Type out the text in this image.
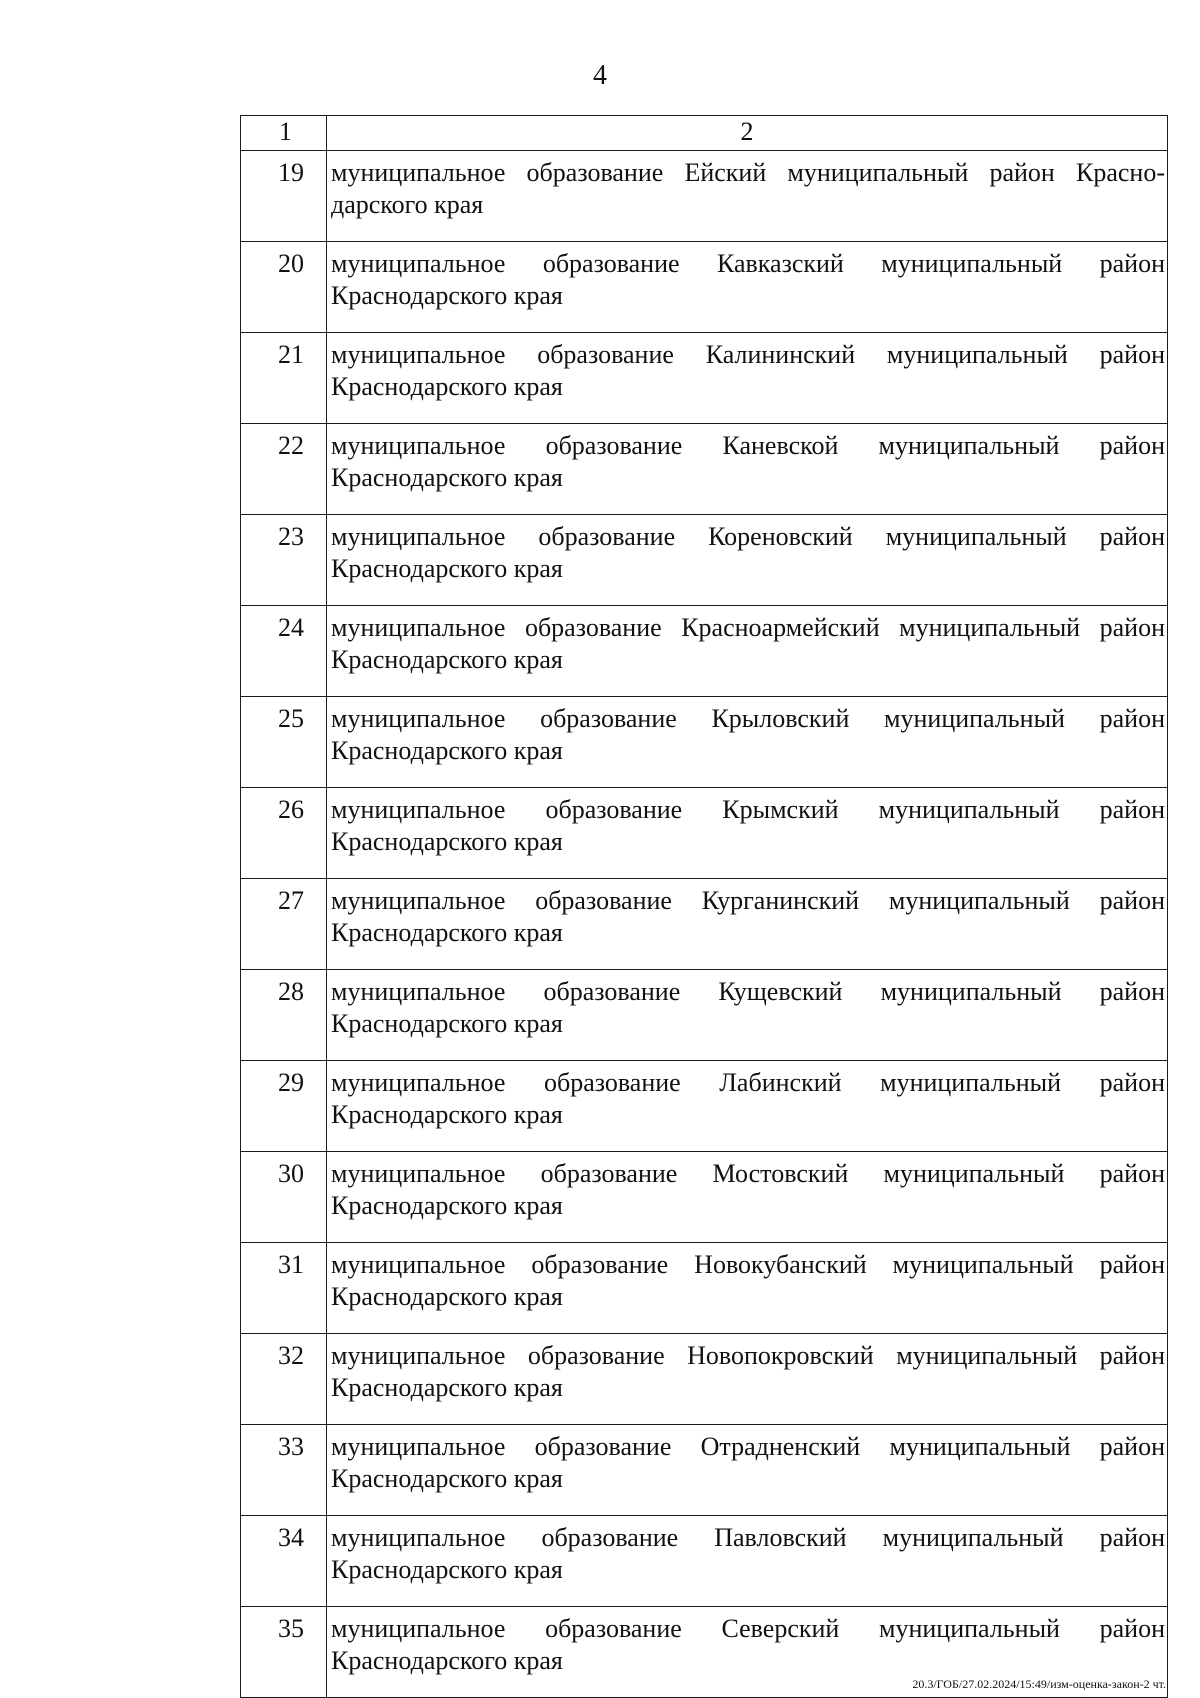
4
1	2
19	муниципальное образование Ейский муниципальный район Красно-дарского края
20	муниципальное образование Кавказский муниципальный район Краснодарского края
21	муниципальное образование Калининский муниципальный район Краснодарского края
22	муниципальное образование Каневской муниципальный район Краснодарского края
23	муниципальное образование Кореновский муниципальный район Краснодарского края
24	муниципальное образование Красноармейский муниципальный район Краснодарского края
25	муниципальное образование Крыловский муниципальный район Краснодарского края
26	муниципальное образование Крымский муниципальный район Краснодарского края
27	муниципальное образование Курганинский муниципальный район Краснодарского края
28	муниципальное образование Кущевский муниципальный район Краснодарского края
29	муниципальное образование Лабинский муниципальный район Краснодарского края
30	муниципальное образование Мостовский муниципальный район Краснодарского края
31	муниципальное образование Новокубанский муниципальный район Краснодарского края
32	муниципальное образование Новопокровский муниципальный район Краснодарского края
33	муниципальное образование Отрадненский муниципальный район Краснодарского края
34	муниципальное образование Павловский муниципальный район Краснодарского края
35	муниципальное образование Северский муниципальный район Краснодарского края
20.3/ГОБ/27.02.2024/15:49/изм-оценка-закон-2 чт.
